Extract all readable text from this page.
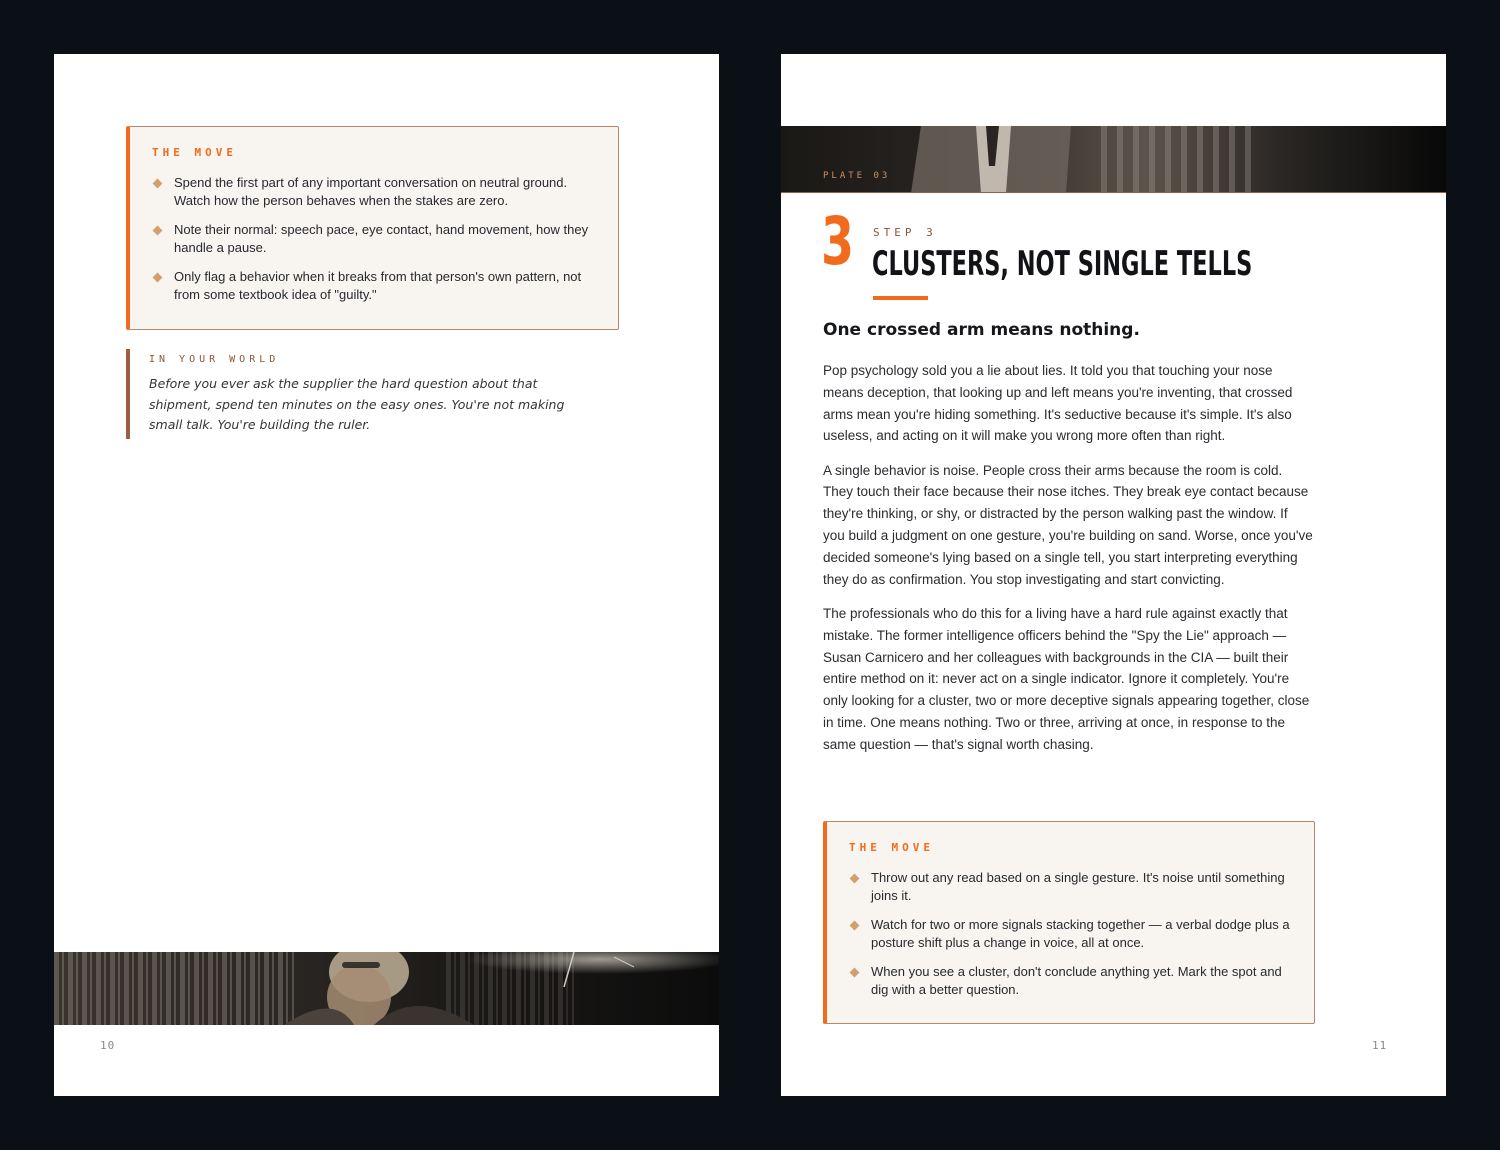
THE MOVE
Spend the first part of any important conversation on neutral ground. Watch how the person behaves when the stakes are zero.
Note their normal: speech pace, eye contact, hand movement, how they handle a pause.
Only flag a behavior when it breaks from that person's own pattern, not from some textbook idea of "guilty."
IN YOUR WORLD
Before you ever ask the supplier the hard question about that shipment, spend ten minutes on the easy ones. You're not making small talk. You're building the ruler.
10
PLATE 03
3 STEP 3
CLUSTERS, NOT SINGLE TELLS
One crossed arm means nothing.

Pop psychology sold you a lie about lies. It told you that touching your nose means deception, that looking up and left means you're inventing, that crossed arms mean you're hiding something. It's seductive because it's simple. It's also useless, and acting on it will make you wrong more often than right.

A single behavior is noise. People cross their arms because the room is cold. They touch their face because their nose itches. They break eye contact because they're thinking, or shy, or distracted by the person walking past the window. If you build a judgment on one gesture, you're building on sand. Worse, once you've decided someone's lying based on a single tell, you start interpreting everything they do as confirmation. You stop investigating and start convicting.

The professionals who do this for a living have a hard rule against exactly that mistake. The former intelligence officers behind the "Spy the Lie" approach — Susan Carnicero and her colleagues with backgrounds in the CIA — built their entire method on it: never act on a single indicator. Ignore it completely. You're only looking for a cluster, two or more deceptive signals appearing together, close in time. One means nothing. Two or three, arriving at once, in response to the same question — that's signal worth chasing.

THE MOVE
Throw out any read based on a single gesture. It's noise until something joins it.
Watch for two or more signals stacking together — a verbal dodge plus a posture shift plus a change in voice, all at once.
When you see a cluster, don't conclude anything yet. Mark the spot and dig with a better question.
11
